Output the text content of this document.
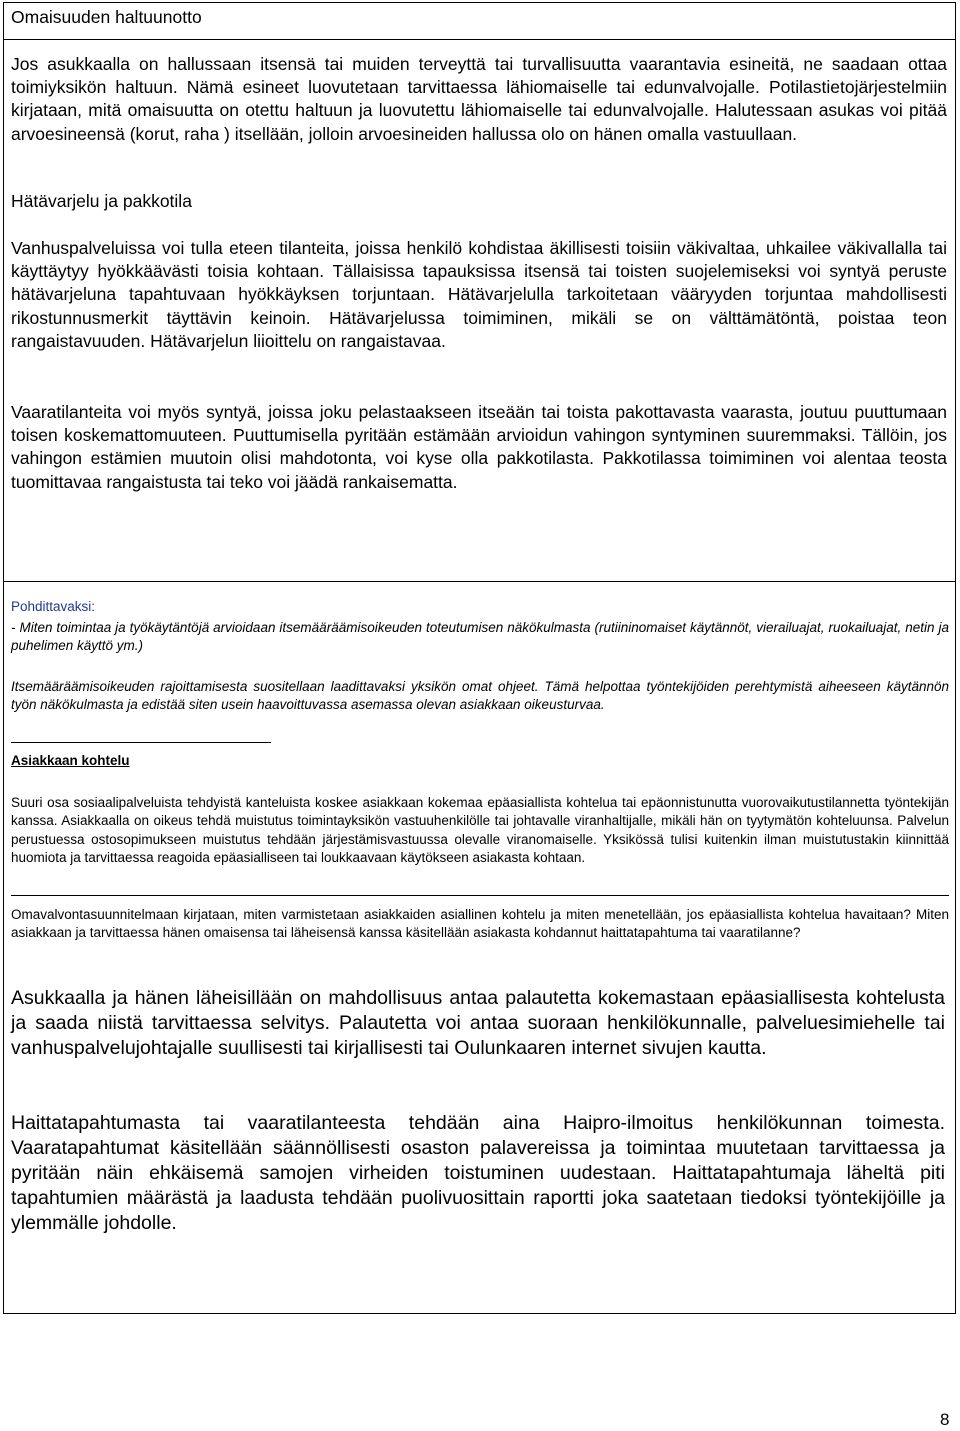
Omaisuuden haltuunotto

Jos asukkaalla on hallussaan itsensä tai muiden terveyttä tai turvallisuutta vaarantavia esineitä, ne saadaan ottaa toimiyksikön haltuun. Nämä esineet luovutetaan tarvittaessa lähiomaiselle tai edunvalvojalle. Potilastietojärjestelmiin kirjataan, mitä omaisuutta on otettu haltuun ja luovutettu lähiomaiselle tai edunvalvojalle. Halutessaan asukas voi pitää arvoesineensä (korut, raha ) itsellään, jolloin arvoesineiden hallussa olo on hänen omalla vastuullaan.

Hätävarjelu ja pakkotila

Vanhuspalveluissa voi tulla eteen tilanteita, joissa henkilö kohdistaa äkillisesti toisiin väkivaltaa, uhkailee väkivallalla tai käyttäytyy hyökkäävästi toisia kohtaan. Tällaisissa tapauksissa itsensä tai toisten suojelemiseksi voi syntyä peruste hätävarjeluna tapahtuvaan hyökkäyksen torjuntaan. Hätävarjelulla tarkoitetaan vääryyden torjuntaa mahdollisesti rikostunnusmerkit täyttävin keinoin. Hätävarjelussa toimiminen, mikäli se on välttämätöntä, poistaa teon rangaistavuuden. Hätävarjelun liioittelu on rangaistavaa.

Vaaratilanteita voi myös syntyä, joissa joku pelastaakseen itseään tai toista pakottavasta vaarasta, joutuu puuttumaan toisen koskemattomuuteen. Puuttumisella pyritään estämään arvioidun vahingon syntyminen suuremmaksi. Tällöin, jos vahingon estämien muutoin olisi mahdotonta, voi kyse olla pakkotilasta. Pakkotilassa toimiminen voi alentaa teosta tuomittavaa rangaistusta tai teko voi jäädä rankaisematta.

Pohdittavaksi:

- Miten toimintaa ja työkäytäntöjä arvioidaan itsemääräämisoikeuden toteutumisen näkökulmasta (rutiininomaiset käytännöt, vierailuajat, ruokailuajat, netin ja puhelimen käyttö ym.)

Itsemääräämisoikeuden rajoittamisesta suositellaan laadittavaksi yksikön omat ohjeet. Tämä helpottaa työntekijöiden perehtymistä aiheeseen käytännön työn näkökulmasta ja edistää siten usein haavoittuvassa asemassa olevan asiakkaan oikeusturvaa.

Asiakkaan kohtelu

Suuri osa sosiaalipalveluista tehdyistä kanteluista koskee asiakkaan kokemaa epäasiallista kohtelua tai epäonnistunutta vuorovaikutustilannetta työntekijän kanssa. Asiakkaalla on oikeus tehdä muistutus toimintayksikön vastuuhenkilölle tai johtavalle viranhaltijalle, mikäli hän on tyytymätön kohteluunsa. Palvelun perustuessa ostosopimukseen muistutus tehdään järjestämisvastuussa olevalle viranomaiselle. Yksikössä tulisi kuitenkin ilman muistutustakin kiinnittää huomiota ja tarvittaessa reagoida epäasialliseen tai loukkaavaan käytökseen asiakasta kohtaan.

Omavalvontasuunnitelmaan kirjataan, miten varmistetaan asiakkaiden asiallinen kohtelu ja miten menetellään, jos epäasiallista kohtelua havaitaan? Miten asiakkaan ja tarvittaessa hänen omaisensa tai läheisensä kanssa käsitellään asiakasta kohdannut haittatapahtuma tai vaaratilanne?

Asukkaalla ja hänen läheisillään on mahdollisuus antaa palautetta kokemastaan epäasiallisesta kohtelusta ja saada niistä tarvittaessa selvitys. Palautetta voi antaa suoraan henkilökunnalle, palveluesimiehelle tai vanhuspalvelujohtajalle suullisesti tai kirjallisesti tai Oulunkaaren internet sivujen kautta.

Haittatapahtumasta tai vaaratilanteesta tehdään aina Haipro-ilmoitus henkilökunnan toimesta. Vaaratapahtumat käsitellään säännöllisesti osaston palavereissa ja toimintaa muutetaan tarvittaessa ja pyritään näin ehkäisemä samojen virheiden toistuminen uudestaan. Haittatapahtumaja läheltä piti tapahtumien määrästä ja laadusta tehdään puolivuosittain raportti joka saatetaan tiedoksi työntekijöille ja ylemmälle johdolle.

8
